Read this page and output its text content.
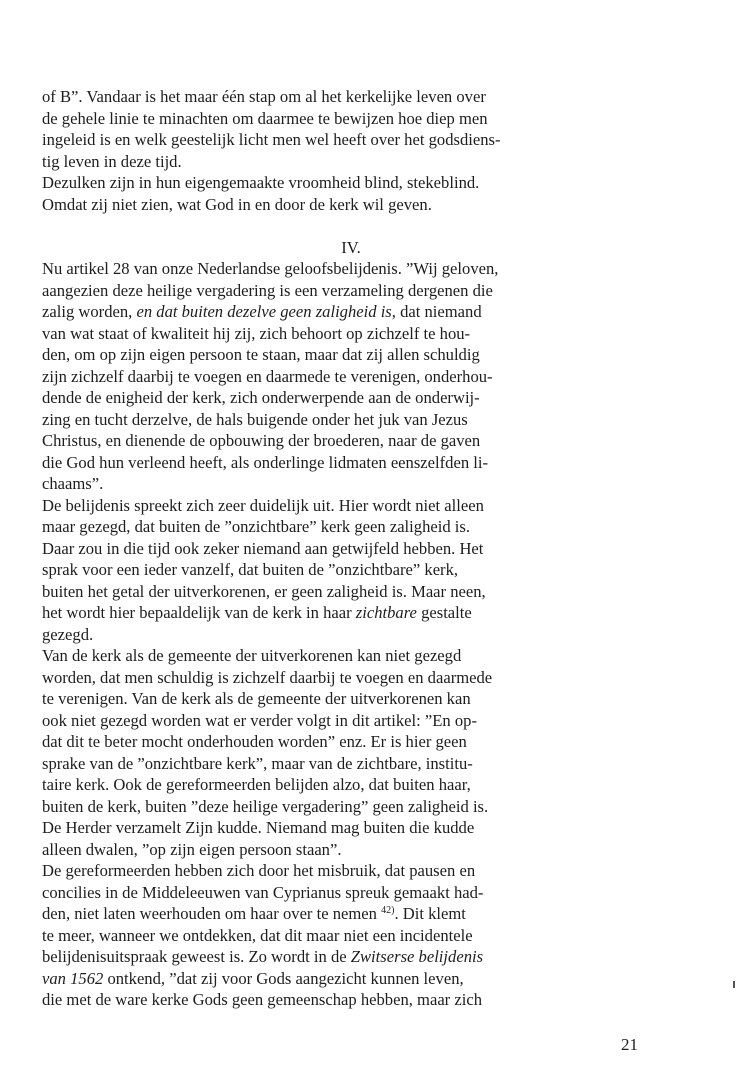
of B”. Vandaar is het maar één stap om al het kerkelijke leven over
de gehele linie te minachten om daarmee te bewijzen hoe diep men
ingeleid is en welk geestelijk licht men wel heeft over het godsdiens-
tig leven in deze tijd.
Dezulken zijn in hun eigengemaakte vroomheid blind, stekeblind.
Omdat zij niet zien, wat God in en door de kerk wil geven.
IV.
Nu artikel 28 van onze Nederlandse geloofsbelijdenis. ”Wij geloven,
aangezien deze heilige vergadering is een verzameling dergenen die
zalig worden, en dat buiten dezelve geen zaligheid is, dat niemand
van wat staat of kwaliteit hij zij, zich behoort op zichzelf te hou-
den, om op zijn eigen persoon te staan, maar dat zij allen schuldig
zijn zichzelf daarbij te voegen en daarmede te verenigen, onderhou-
dende de enigheid der kerk, zich onderwerpende aan de onderwij-
zing en tucht derzelve, de hals buigende onder het juk van Jezus
Christus, en dienende de opbouwing der broederen, naar de gaven
die God hun verleend heeft, als onderlinge lidmaten eenszelfden li-
chaams”.
De belijdenis spreekt zich zeer duidelijk uit. Hier wordt niet alleen
maar gezegd, dat buiten de ”onzichtbare” kerk geen zaligheid is.
Daar zou in die tijd ook zeker niemand aan getwijfeld hebben. Het
sprak voor een ieder vanzelf, dat buiten de ”onzichtbare” kerk,
buiten het getal der uitverkorenen, er geen zaligheid is. Maar neen,
het wordt hier bepaaldelijk van de kerk in haar zichtbare gestalte
gezegd.
Van de kerk als de gemeente der uitverkorenen kan niet gezegd
worden, dat men schuldig is zichzelf daarbij te voegen en daarmede
te verenigen. Van de kerk als de gemeente der uitverkorenen kan
ook niet gezegd worden wat er verder volgt in dit artikel: ”En op-
dat dit te beter mocht onderhouden worden” enz. Er is hier geen
sprake van de ”onzichtbare kerk”, maar van de zichtbare, institu-
taire kerk. Ook de gereformeerden belijden alzo, dat buiten haar,
buiten de kerk, buiten ”deze heilige vergadering” geen zaligheid is.
De Herder verzamelt Zijn kudde. Niemand mag buiten die kudde
alleen dwalen, ”op zijn eigen persoon staan”.
De gereformeerden hebben zich door het misbruik, dat pausen en
concilies in de Middeleeuwen van Cyprianus spreuk gemaakt had-
den, niet laten weerhouden om haar over te nemen $^{42)}$. Dit klemt
te meer, wanneer we ontdekken, dat dit maar niet een incidentele
belijdenisuitspraak geweest is. Zo wordt in de Zwitserse belijdenis
van 1562 ontkend, ”dat zij voor Gods aangezicht kunnen leven,
die met de ware kerke Gods geen gemeenschap hebben, maar zich
21
